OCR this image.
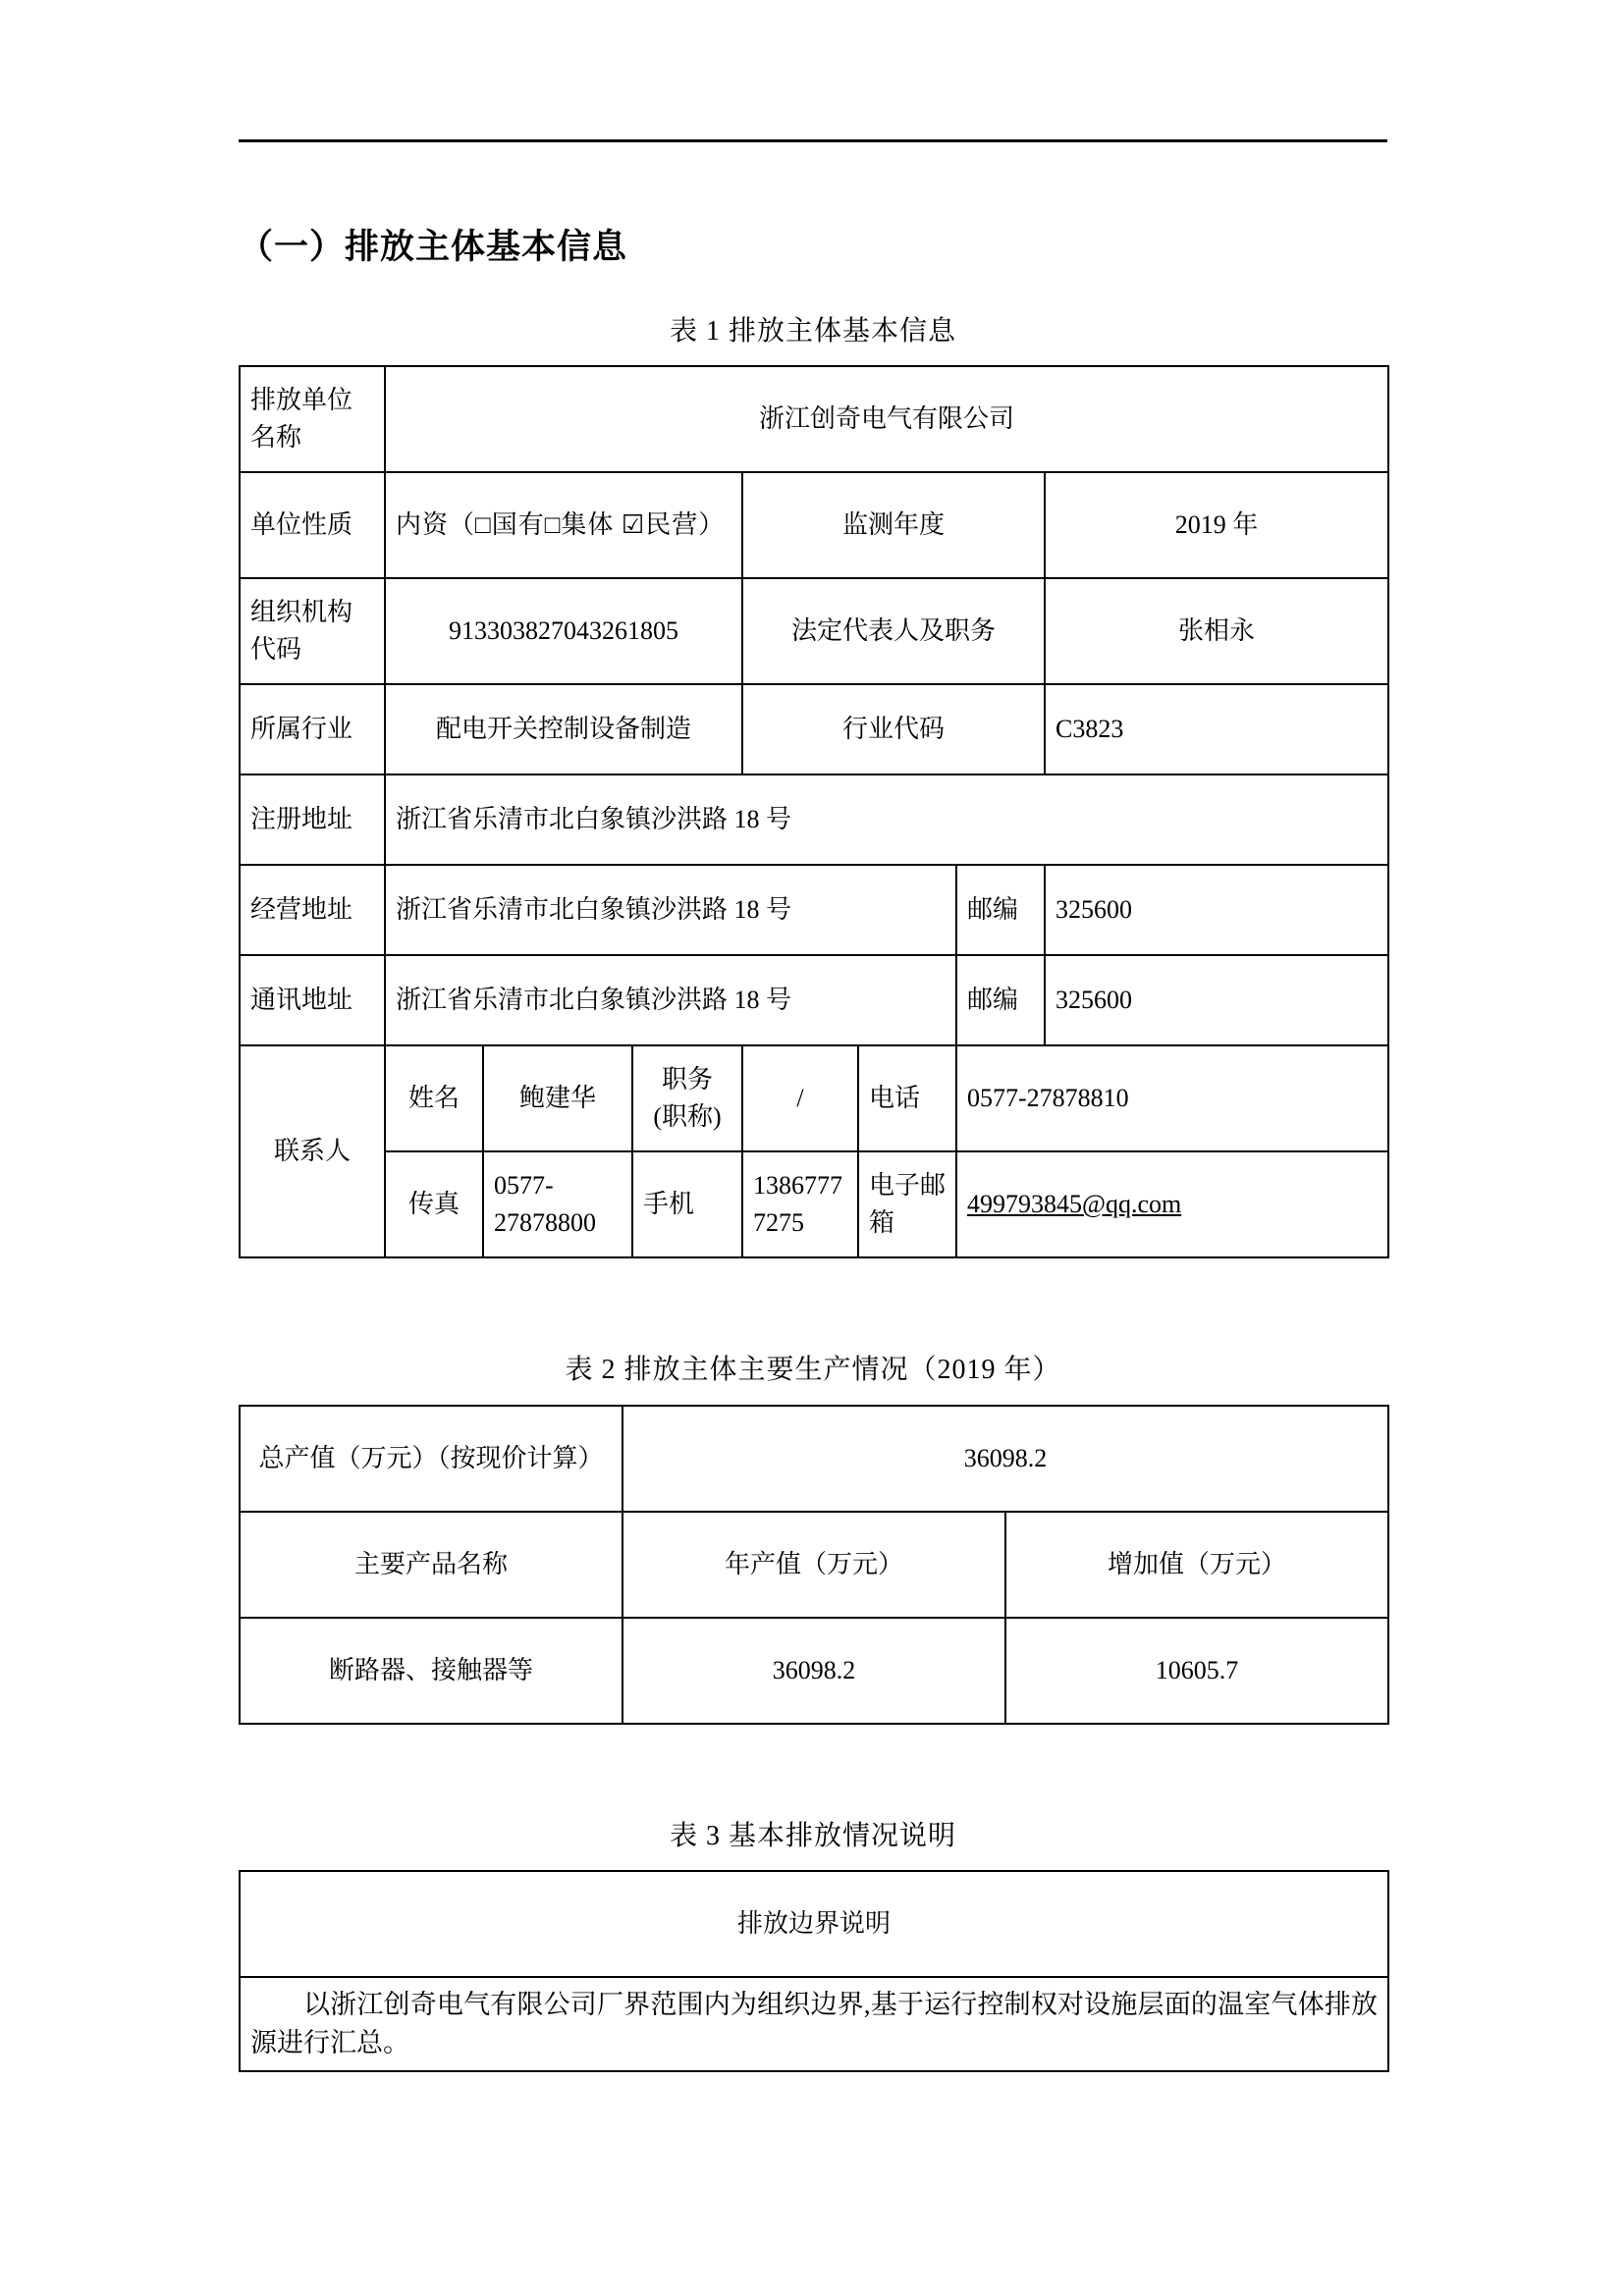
（一）排放主体基本信息
表 1 排放主体基本信息
排放单位名称	浙江创奇电气有限公司						
单位性质	内资（□国有□集体 ☑民营）			监测年度			2019 年
组织机构代码	913303827043261805			法定代表人及职务			张相永
所属行业	配电开关控制设备制造			行业代码			C3823
注册地址	浙江省乐清市北白象镇沙洪路 18 号						
经营地址	浙江省乐清市北白象镇沙洪路 18 号					邮编	325600
通讯地址	浙江省乐清市北白象镇沙洪路 18 号					邮编	325600
联系人	姓名	鲍建华	职务
(职称)	/	电话	0577-27878810	
	传真	0577-27878800	手机	13867777275	电子邮箱	499793845@qq.com	
表 2 排放主体主要生产情况（2019 年）
总产值（万元）（按现价计算）	36098.2	
主要产品名称	年产值（万元）	增加值（万元）
断路器、接触器等	36098.2	10605.7
表 3 基本排放情况说明
排放边界说明
以浙江创奇电气有限公司厂界范围内为组织边界,基于运行控制权对设施层面的温室气体排放源进行汇总。
